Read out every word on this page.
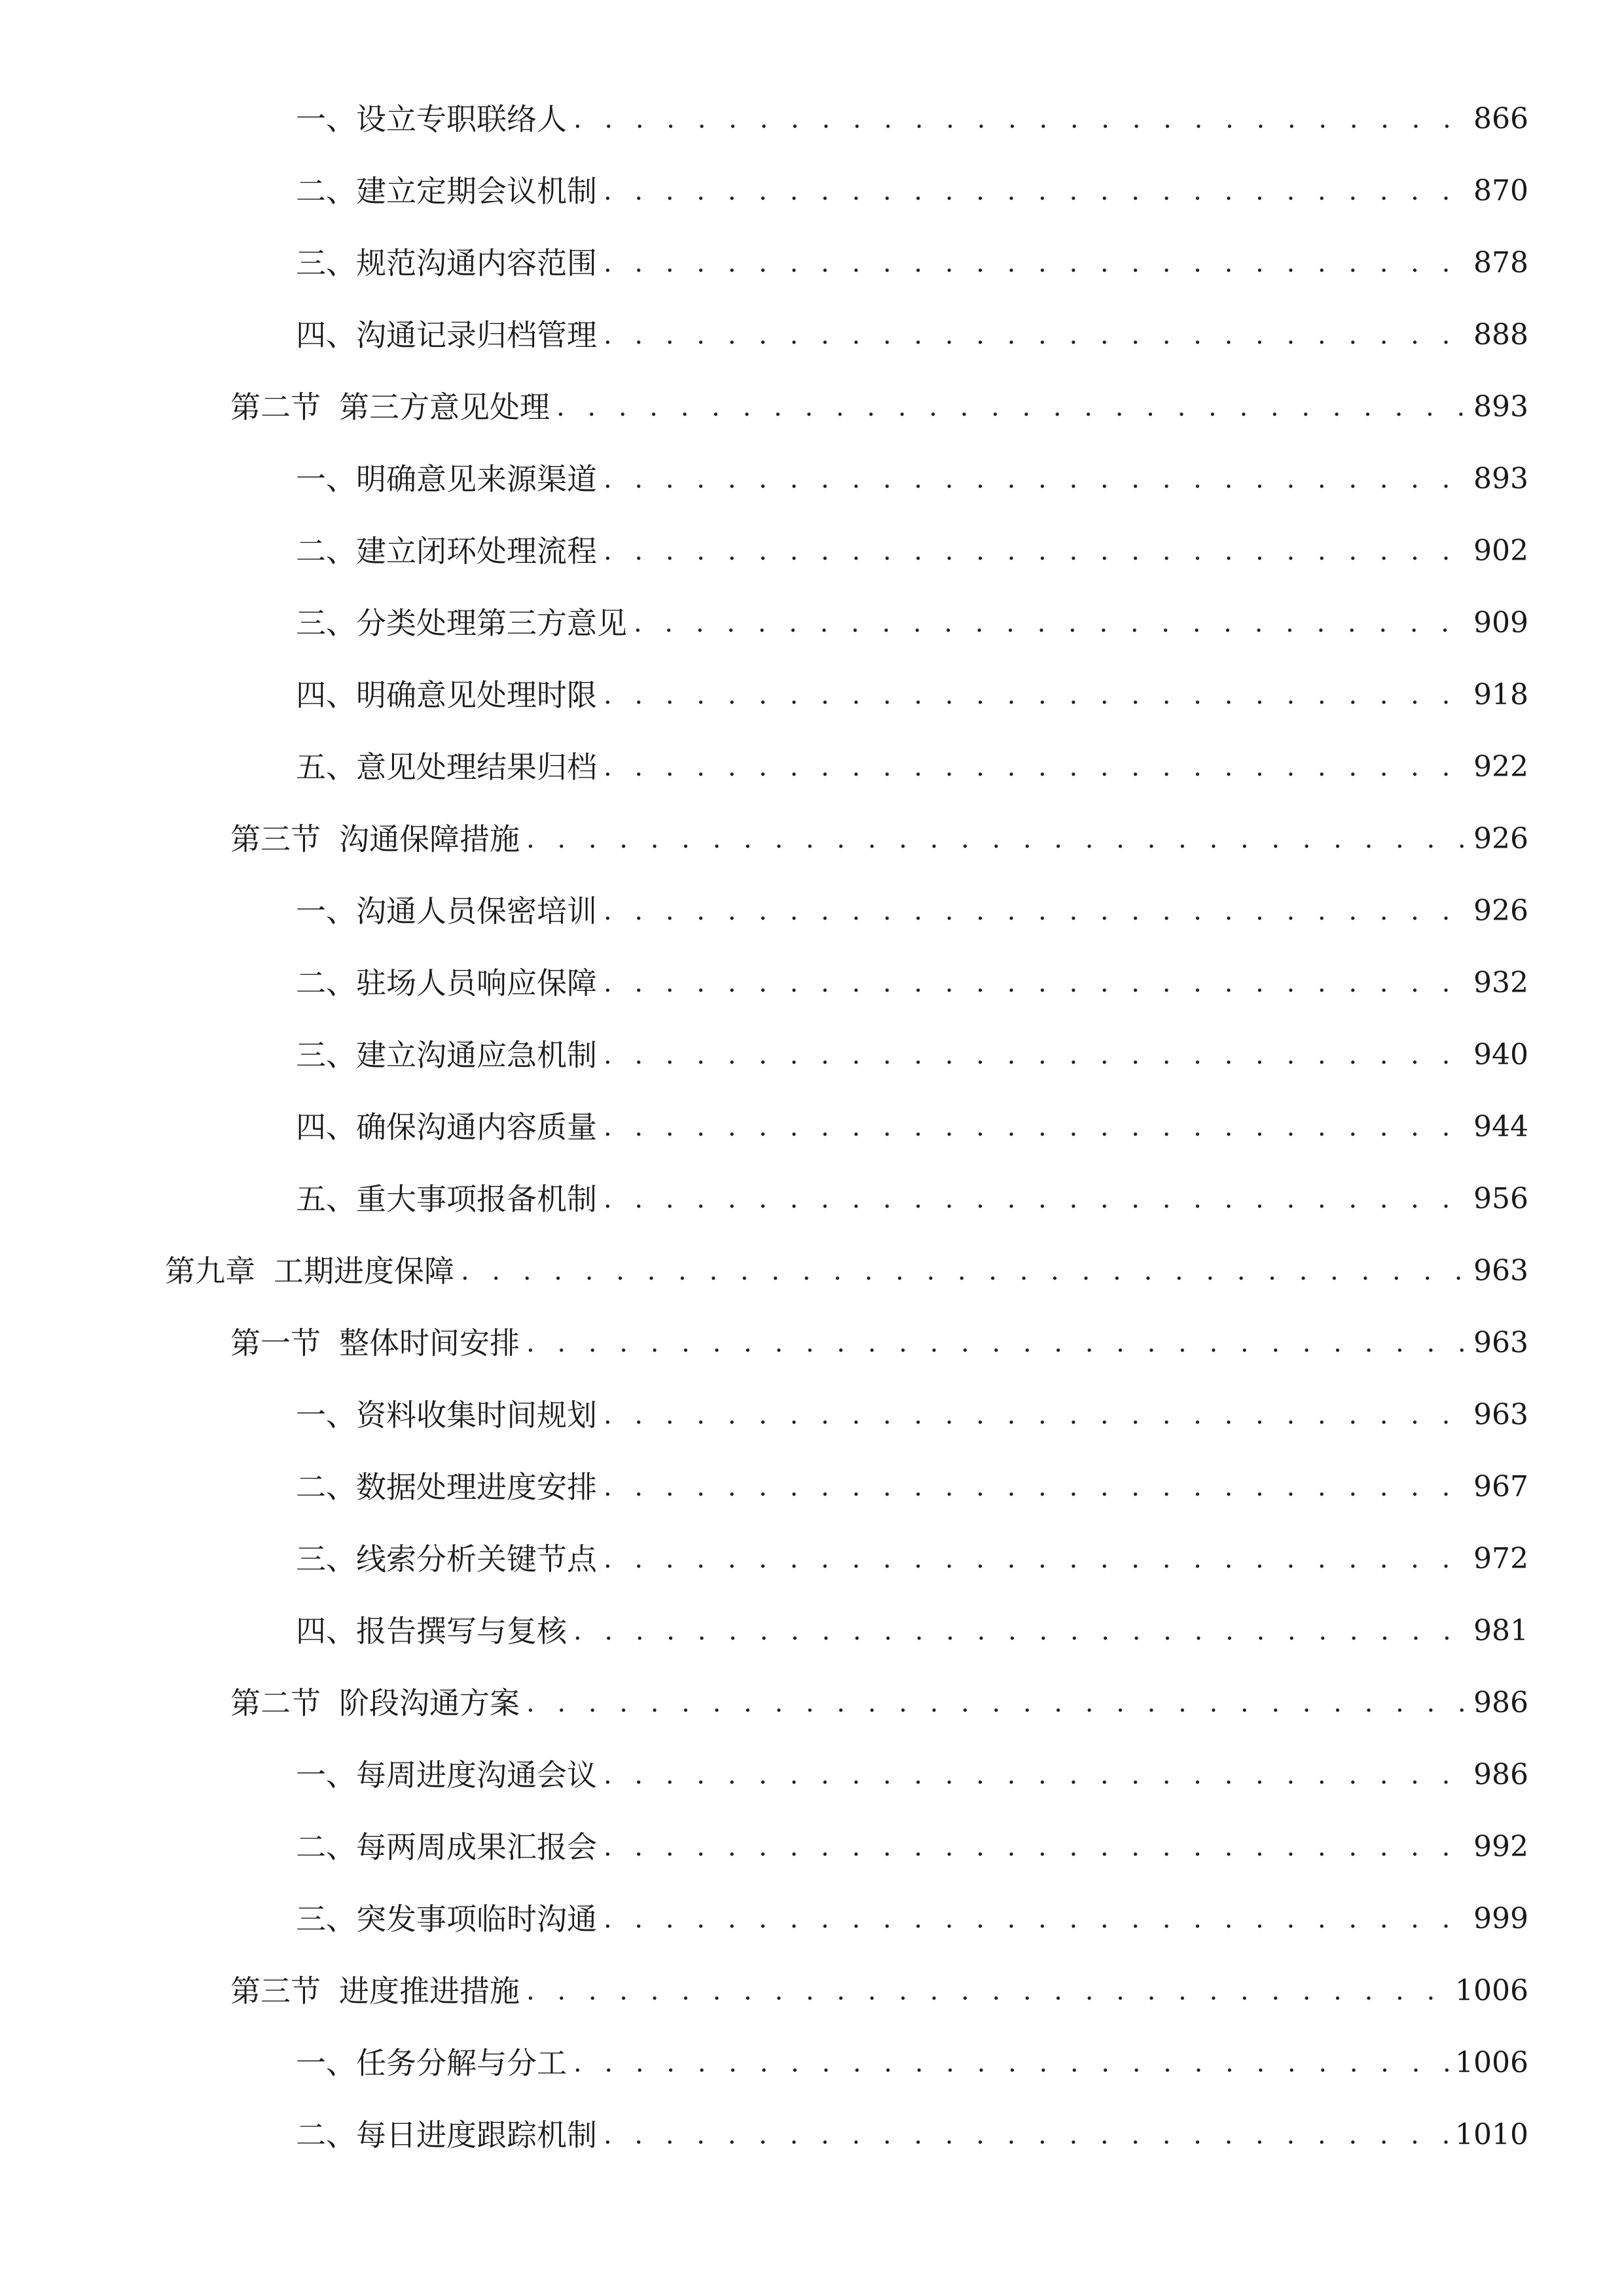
一、 设立专职联络人 . . .	866
二、 建立定期会议机制 . . .	870
三、 规范沟通内容范围 . . .	878
四、 沟通记录归档管理 . . .	888
第二节 第三方意见处理 . . .	893
一、 明确意见来源渠道 . . .	893
二、 建立闭环处理流程 . . .	902
三、 分类处理第三方意见 . . .	909
四、 明确意见处理时限 . . .	918
五、 意见处理结果归档 . . .	922
第三节 沟通保障措施 . . .	926
一、 沟通人员保密培训 . . .	926
二、 驻场人员响应保障 . . .	932
三、 建立沟通应急机制 . . .	940
四、 确保沟通内容质量 . . .	944
五、 重大事项报备机制 . . .	956
第九章 工期进度保障 . . .	963
第一节 整体时间安排 . . .	963
一、 资料收集时间规划 . . .	963
二、 数据处理进度安排 . . .	967
三、 线索分析关键节点 . . .	972
四、 报告撰写与复核 . . .	981
第二节 阶段沟通方案 . . .	986
一、 每周进度沟通会议 . . .	986
二、 每两周成果汇报会 . . .	992
三、 突发事项临时沟通 . . .	999
第三节 进度推进措施 . . .	1006
一、 任务分解与分工 . . .	1006
二、 每日进度跟踪机制 . . .	1010
